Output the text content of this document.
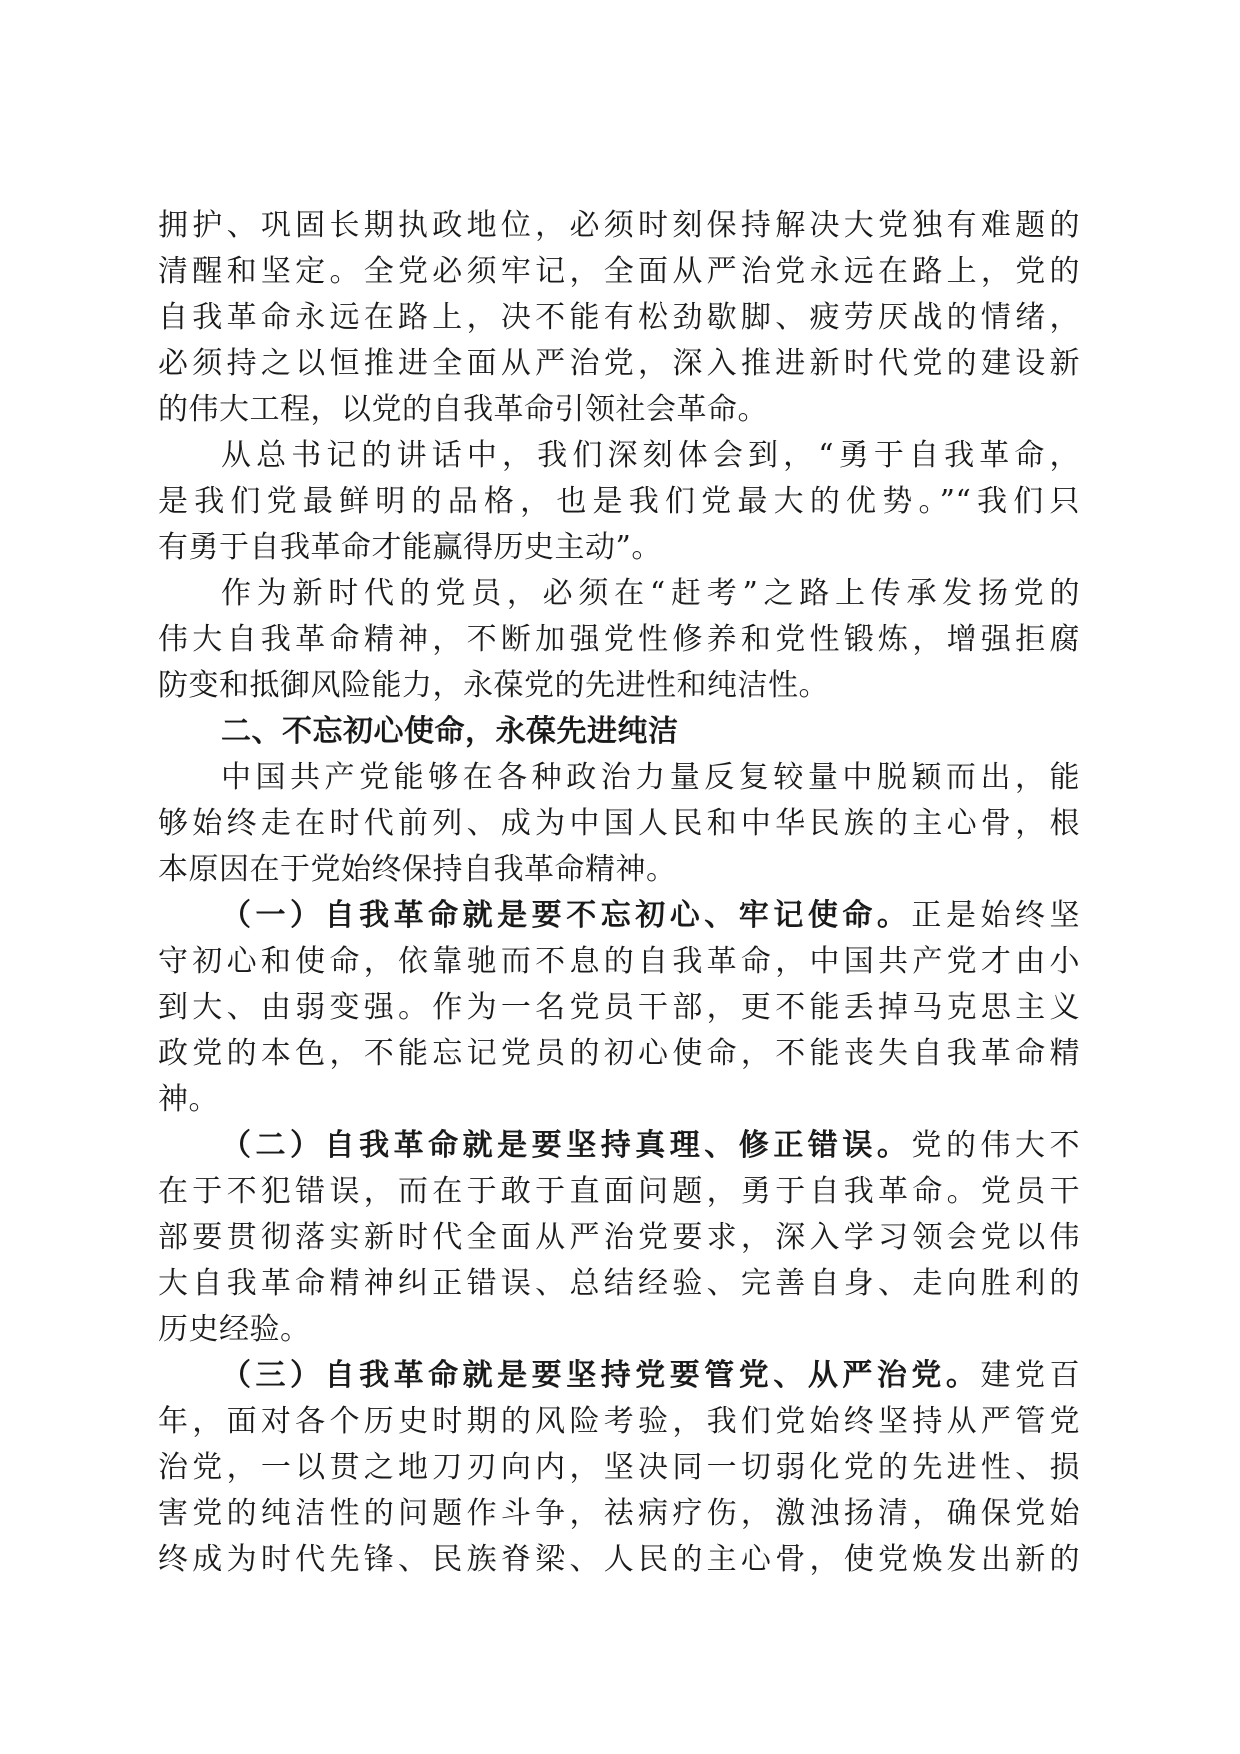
拥护、巩固长期执政地位，必须时刻保持解决大党独有难题的
清醒和坚定。全党必须牢记，全面从严治党永远在路上，党的
自我革命永远在路上，决不能有松劲歇脚、疲劳厌战的情绪，
必须持之以恒推进全面从严治党，深入推进新时代党的建设新
的伟大工程，以党的自我革命引领社会革命。
从总书记的讲话中，我们深刻体会到，“勇于自我革命，
是我们党最鲜明的品格，也是我们党最大的优势。”“我们只
有勇于自我革命才能赢得历史主动”。
作为新时代的党员，必须在“赶考”之路上传承发扬党的
伟大自我革命精神，不断加强党性修养和党性锻炼，增强拒腐
防变和抵御风险能力，永葆党的先进性和纯洁性。
二、不忘初心使命，永葆先进纯洁
中国共产党能够在各种政治力量反复较量中脱颖而出，能
够始终走在时代前列、成为中国人民和中华民族的主心骨，根
本原因在于党始终保持自我革命精神。
（一）自我革命就是要不忘初心、牢记使命。正是始终坚
守初心和使命，依靠驰而不息的自我革命，中国共产党才由小
到大、由弱变强。作为一名党员干部，更不能丢掉马克思主义
政党的本色，不能忘记党员的初心使命，不能丧失自我革命精
神。
（二）自我革命就是要坚持真理、修正错误。党的伟大不
在于不犯错误，而在于敢于直面问题，勇于自我革命。党员干
部要贯彻落实新时代全面从严治党要求，深入学习领会党以伟
大自我革命精神纠正错误、总结经验、完善自身、走向胜利的
历史经验。
（三）自我革命就是要坚持党要管党、从严治党。建党百
年，面对各个历史时期的风险考验，我们党始终坚持从严管党
治党，一以贯之地刀刃向内，坚决同一切弱化党的先进性、损
害党的纯洁性的问题作斗争，祛病疗伤，激浊扬清，确保党始
终成为时代先锋、民族脊梁、人民的主心骨，使党焕发出新的
